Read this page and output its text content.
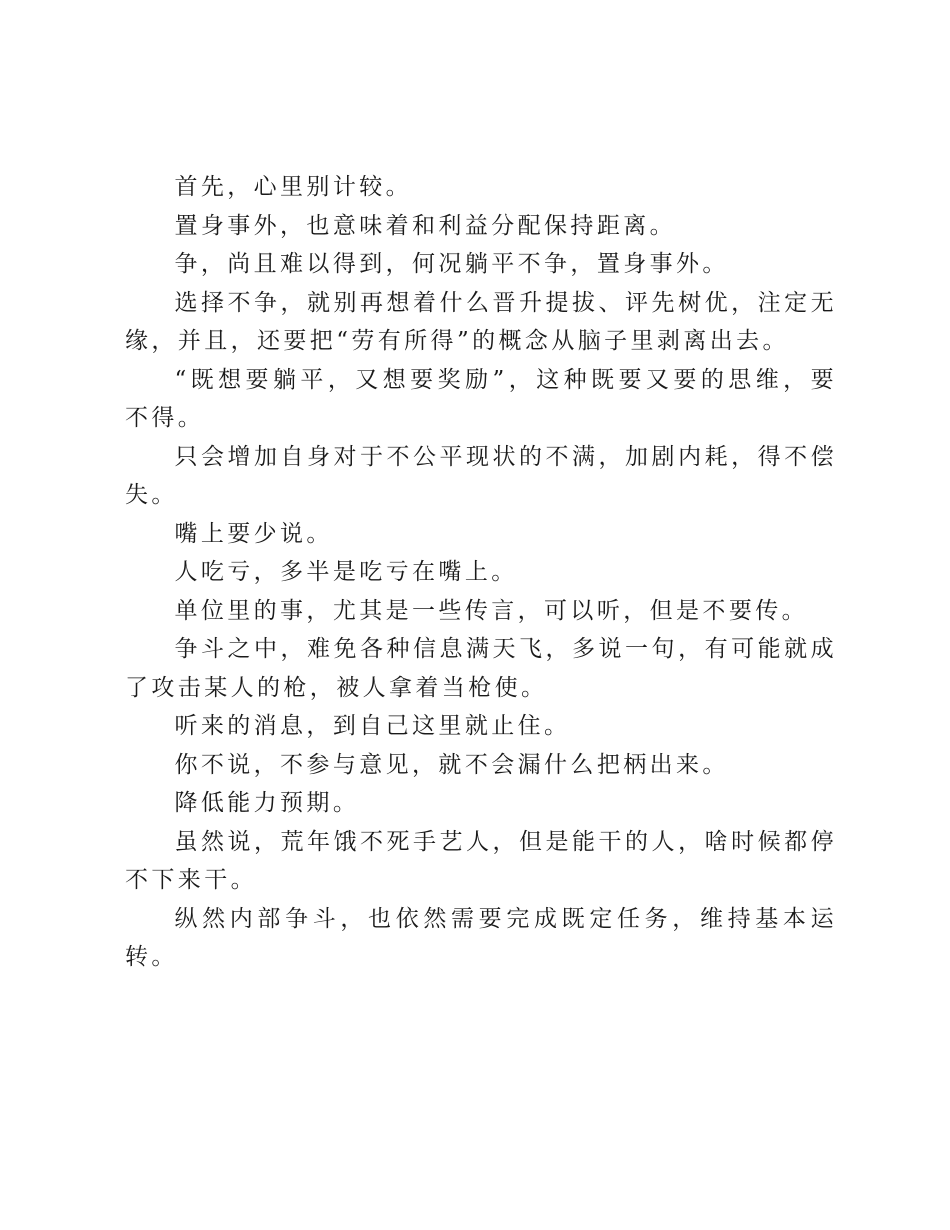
首先，心里别计较。

置身事外，也意味着和利益分配保持距离。

争，尚且难以得到，何况躺平不争，置身事外。

选择不争，就别再想着什么晋升提拔、评先树优，注定无缘，并且，还要把“劳有所得”的概念从脑子里剥离出去。

“既想要躺平，又想要奖励”，这种既要又要的思维，要不得。

只会增加自身对于不公平现状的不满，加剧内耗，得不偿失。

嘴上要少说。

人吃亏，多半是吃亏在嘴上。

单位里的事，尤其是一些传言，可以听，但是不要传。

争斗之中，难免各种信息满天飞，多说一句，有可能就成了攻击某人的枪，被人拿着当枪使。

听来的消息，到自己这里就止住。

你不说，不参与意见，就不会漏什么把柄出来。

降低能力预期。

虽然说，荒年饿不死手艺人，但是能干的人，啥时候都停不下来干。

纵然内部争斗，也依然需要完成既定任务，维持基本运转。
